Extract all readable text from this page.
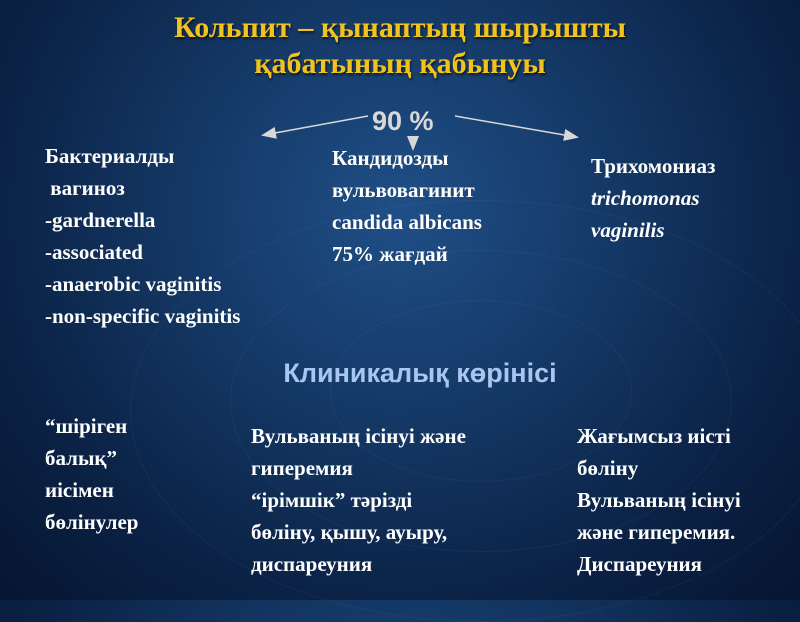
Кольпит – қынаптың шырышты
қабатының қабынуы
90 %
Бактериалды
вагиноз
-gardnerella
-associated
-anaerobic vaginitis
-non-specific vaginitis
Кандидозды
вульвовагинит
candida albicans
75% жағдай
Трихомониаз
trichomonas
vaginilis
Клиникалық көрінісі
“шіріген
балық”
иісімен
бөлінулер
Вульваның ісінуі және
гиперемия
“ірімшік” тәрізді
бөліну, қышу, ауыру,
диспареуния
Жағымсыз иісті
бөліну
Вульваның ісінуі
және гиперемия.
Диспареуния
